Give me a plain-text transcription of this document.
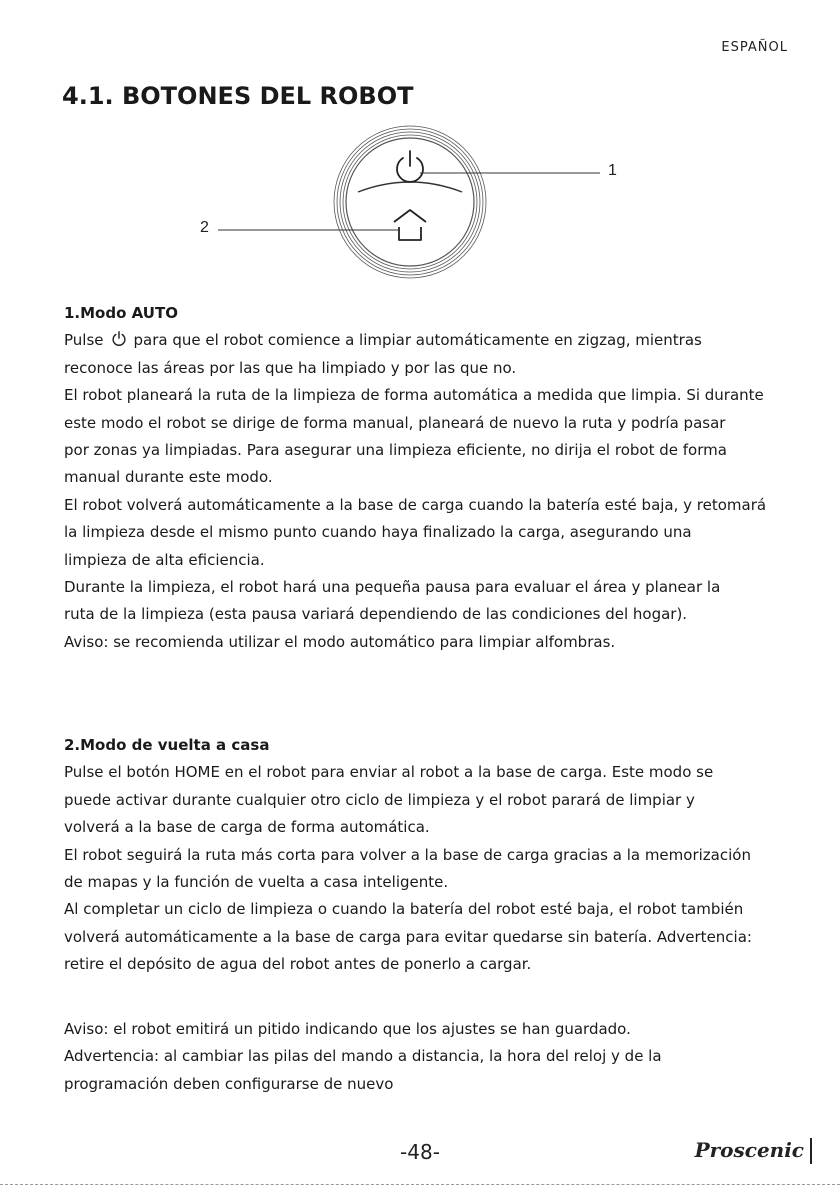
ESPAÑOL
4.1. BOTONES DEL ROBOT
1
2

1.Modo AUTO

Pulse para que el robot comience a limpiar automáticamente en zigzag, mientras

reconoce las áreas por las que ha limpiado y por las que no.

El robot planeará la ruta de la limpieza de forma automática a medida que limpia. Si durante

este modo el robot se dirige de forma manual, planeará de nuevo la ruta y podría pasar

por zonas ya limpiadas. Para asegurar una limpieza eficiente, no dirija el robot de forma

manual durante este modo.

El robot volverá automáticamente a la base de carga cuando la batería esté baja, y retomará

la limpieza desde el mismo punto cuando haya finalizado la carga, asegurando una

limpieza de alta eficiencia.

Durante la limpieza, el robot hará una pequeña pausa para evaluar el área y planear la

ruta de la limpieza (esta pausa variará dependiendo de las condiciones del hogar).

Aviso: se recomienda utilizar el modo automático para limpiar alfombras.

2.Modo de vuelta a casa

Pulse el botón HOME en el robot para enviar al robot a la base de carga. Este modo se

puede activar durante cualquier otro ciclo de limpieza y el robot parará de limpiar y

volverá a la base de carga de forma automática.

El robot seguirá la ruta más corta para volver a la base de carga gracias a la memorización

de mapas y la función de vuelta a casa inteligente.

Al completar un ciclo de limpieza o cuando la batería del robot esté baja, el robot también

volverá automáticamente a la base de carga para evitar quedarse sin batería. Advertencia:

retire el depósito de agua del robot antes de ponerlo a cargar.

Aviso: el robot emitirá un pitido indicando que los ajustes se han guardado.

Advertencia: al cambiar las pilas del mando a distancia, la hora del reloj y de la

programación deben configurarse de nuevo

-48-	Proscenic
